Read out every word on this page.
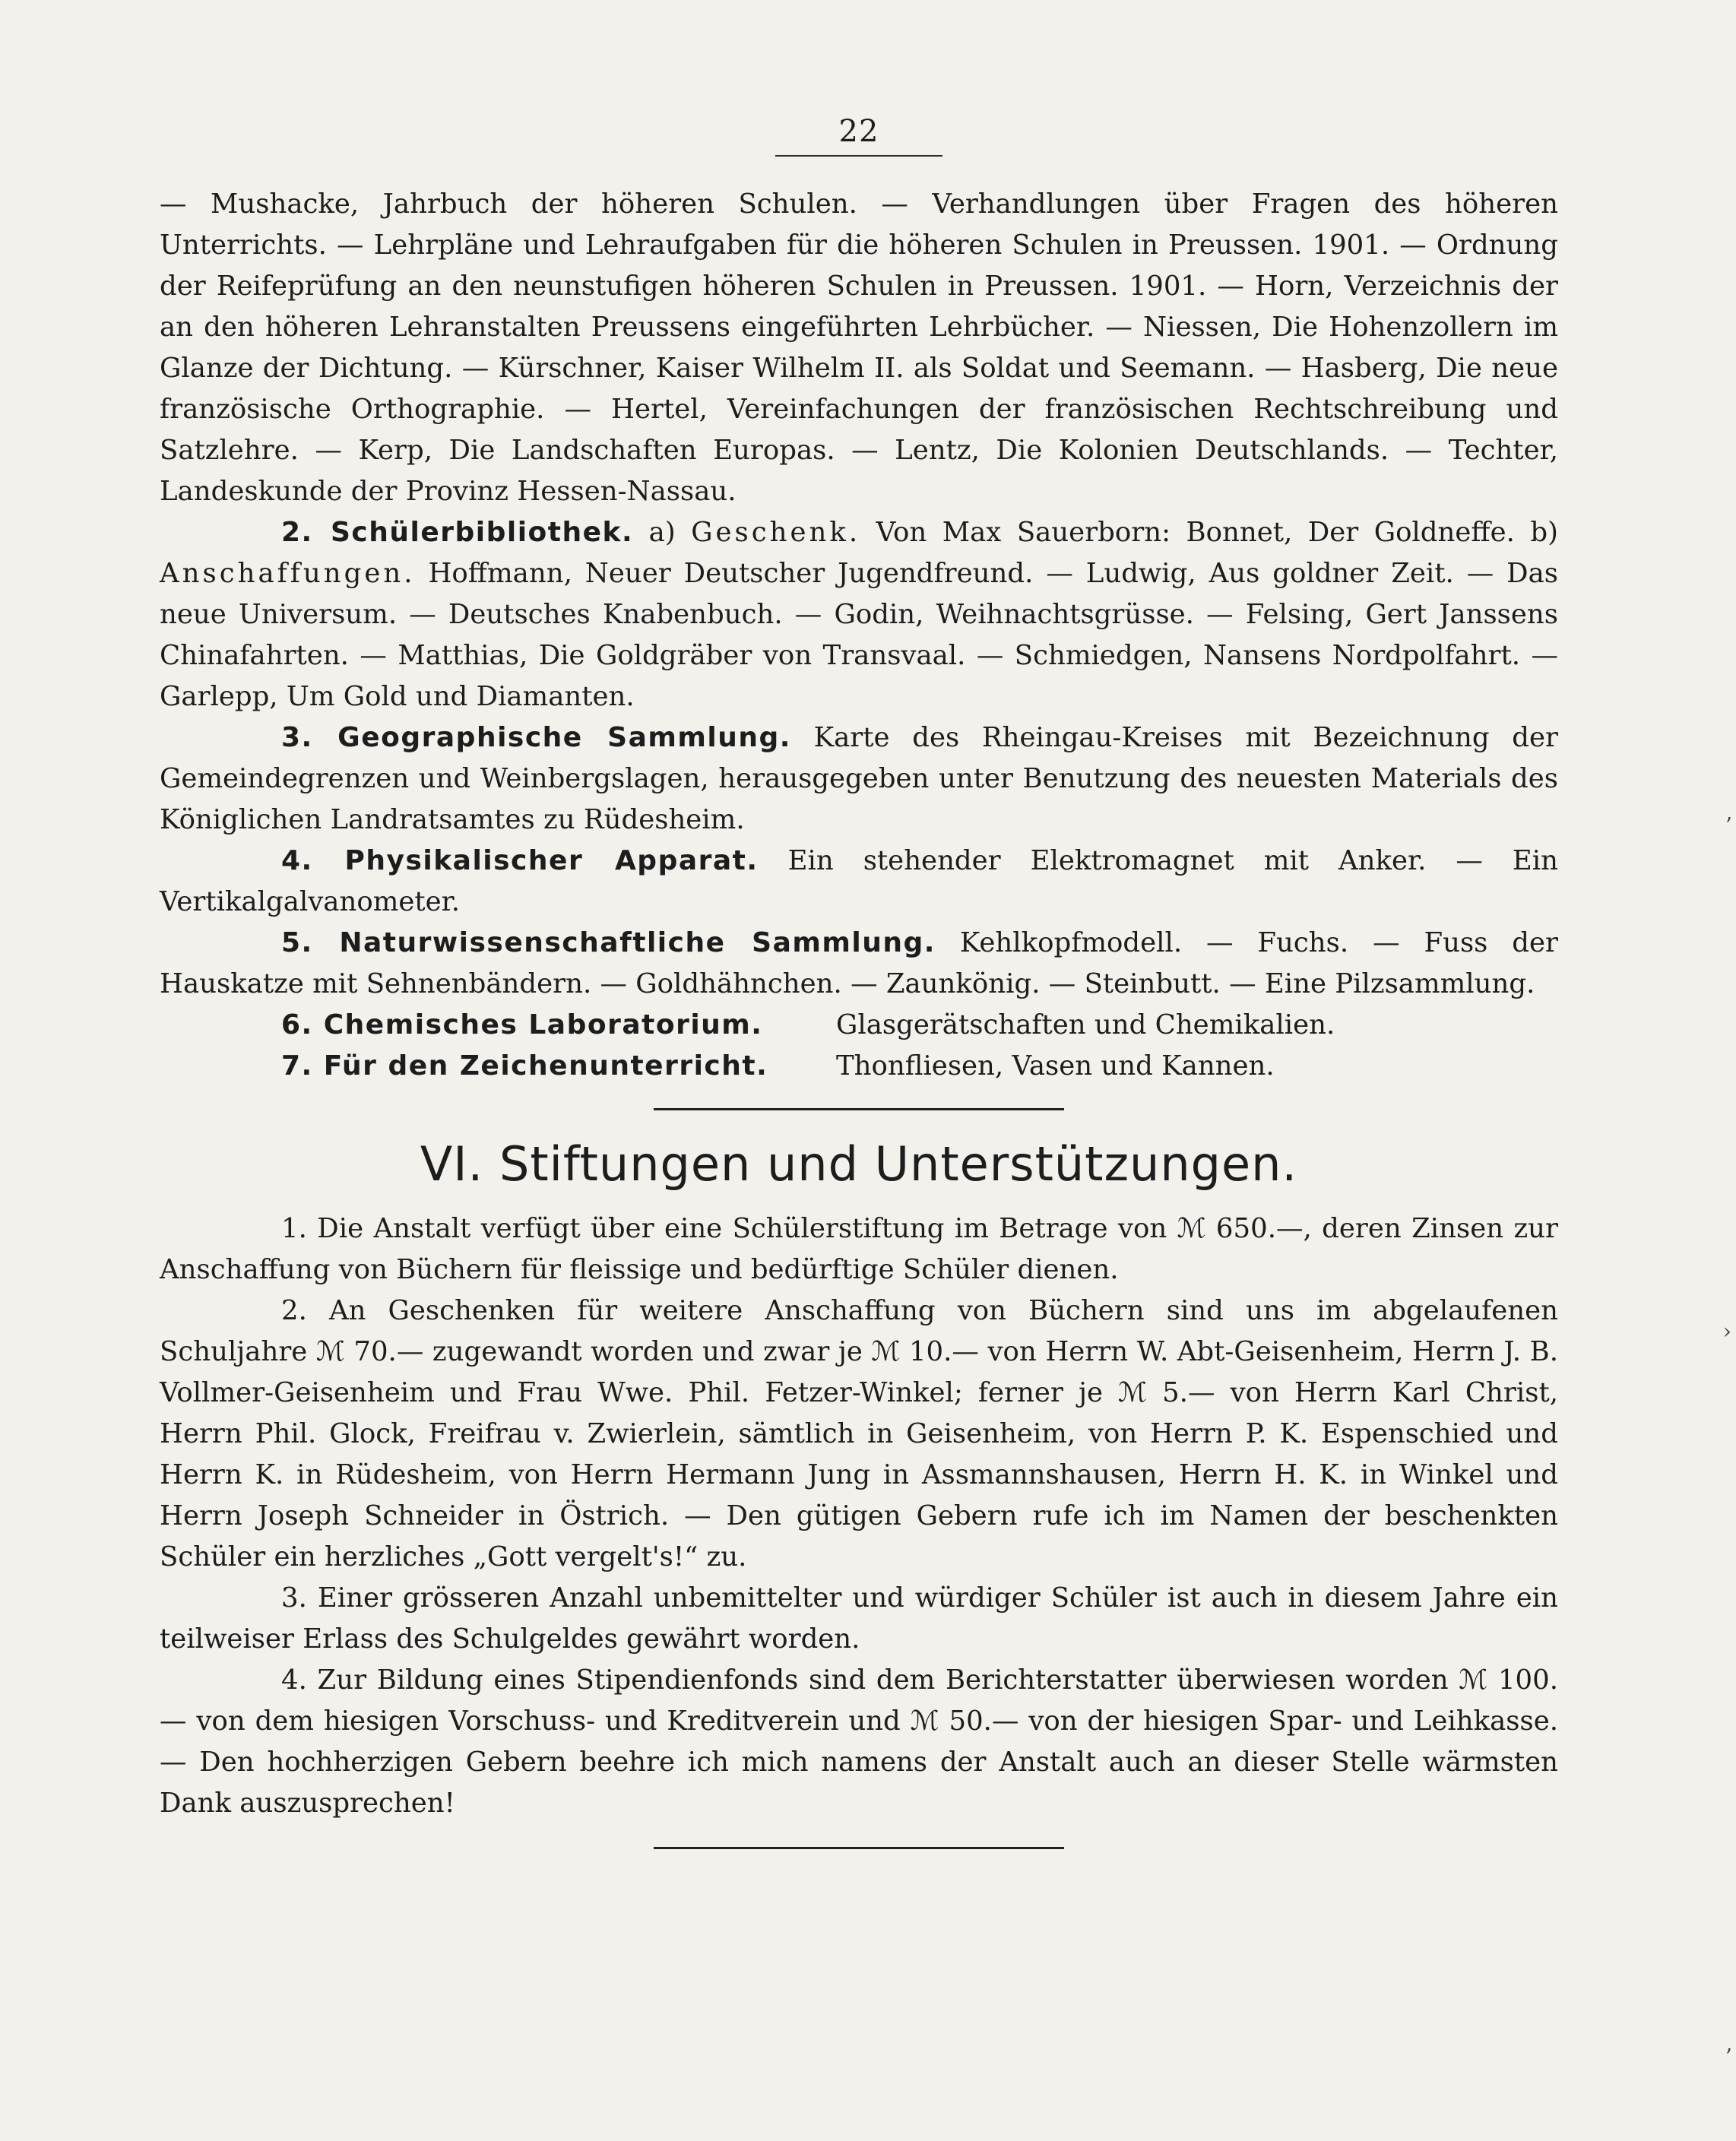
22

— Mushacke, Jahrbuch der höheren Schulen. — Verhandlungen über Fragen des höheren Unterrichts. — Lehrpläne und Lehraufgaben für die höheren Schulen in Preussen. 1901. — Ordnung der Reifeprüfung an den neunstufigen höheren Schulen in Preussen. 1901. — Horn, Verzeichnis der an den höheren Lehranstalten Preussens eingeführten Lehrbücher. — Niessen, Die Hohenzollern im Glanze der Dichtung. — Kürschner, Kaiser Wilhelm II. als Soldat und Seemann. — Hasberg, Die neue französische Orthographie. — Hertel, Vereinfachungen der französischen Rechtschreibung und Satzlehre. — Kerp, Die Landschaften Europas. — Lentz, Die Kolonien Deutschlands. — Techter, Landeskunde der Provinz Hessen-Nassau.

2. Schülerbibliothek. a) Geschenk. Von Max Sauerborn: Bonnet, Der Goldneffe. b) Anschaffungen. Hoffmann, Neuer Deutscher Jugendfreund. — Ludwig, Aus goldner Zeit. — Das neue Universum. — Deutsches Knabenbuch. — Godin, Weihnachtsgrüsse. — Felsing, Gert Janssens Chinafahrten. — Matthias, Die Goldgräber von Transvaal. — Schmiedgen, Nansens Nordpolfahrt. — Garlepp, Um Gold und Diamanten.

3. Geographische Sammlung. Karte des Rheingau-Kreises mit Bezeichnung der Gemeindegrenzen und Weinbergslagen, herausgegeben unter Benutzung des neuesten Materials des Königlichen Landratsamtes zu Rüdesheim.

4. Physikalischer Apparat. Ein stehender Elektromagnet mit Anker. — Ein Vertikalgalvanometer.

5. Naturwissenschaftliche Sammlung. Kehlkopfmodell. — Fuchs. — Fuss der Hauskatze mit Sehnenbändern. — Goldhähnchen. — Zaunkönig. — Steinbutt. — Eine Pilzsammlung.

6. Chemisches Laboratorium.	Glasgerätschaften und Chemikalien.

7. Für den Zeichenunterricht.	Thonfliesen, Vasen und Kannen.

VI. Stiftungen und Unterstützungen.

1. Die Anstalt verfügt über eine Schülerstiftung im Betrage von ℳ 650.—, deren Zinsen zur Anschaffung von Büchern für fleissige und bedürftige Schüler dienen.

2. An Geschenken für weitere Anschaffung von Büchern sind uns im abgelaufenen Schuljahre ℳ 70.— zugewandt worden und zwar je ℳ 10.— von Herrn W. Abt-Geisenheim, Herrn J. B. Vollmer-Geisenheim und Frau Wwe. Phil. Fetzer-Winkel; ferner je ℳ 5.— von Herrn Karl Christ, Herrn Phil. Glock, Freifrau v. Zwierlein, sämtlich in Geisenheim, von Herrn P. K. Espenschied und Herrn K. in Rüdesheim, von Herrn Hermann Jung in Assmannshausen, Herrn H. K. in Winkel und Herrn Joseph Schneider in Östrich. — Den gütigen Gebern rufe ich im Namen der beschenkten Schüler ein herzliches „Gott vergelt's!“ zu.

3. Einer grösseren Anzahl unbemittelter und würdiger Schüler ist auch in diesem Jahre ein teilweiser Erlass des Schulgeldes gewährt worden.

4. Zur Bildung eines Stipendienfonds sind dem Berichterstatter überwiesen worden ℳ 100.— von dem hiesigen Vorschuss- und Kreditverein und ℳ 50.— von der hiesigen Spar- und Leihkasse. — Den hochherzigen Gebern beehre ich mich namens der Anstalt auch an dieser Stelle wärmsten Dank auszusprechen!

ʼ
›
ʼ
